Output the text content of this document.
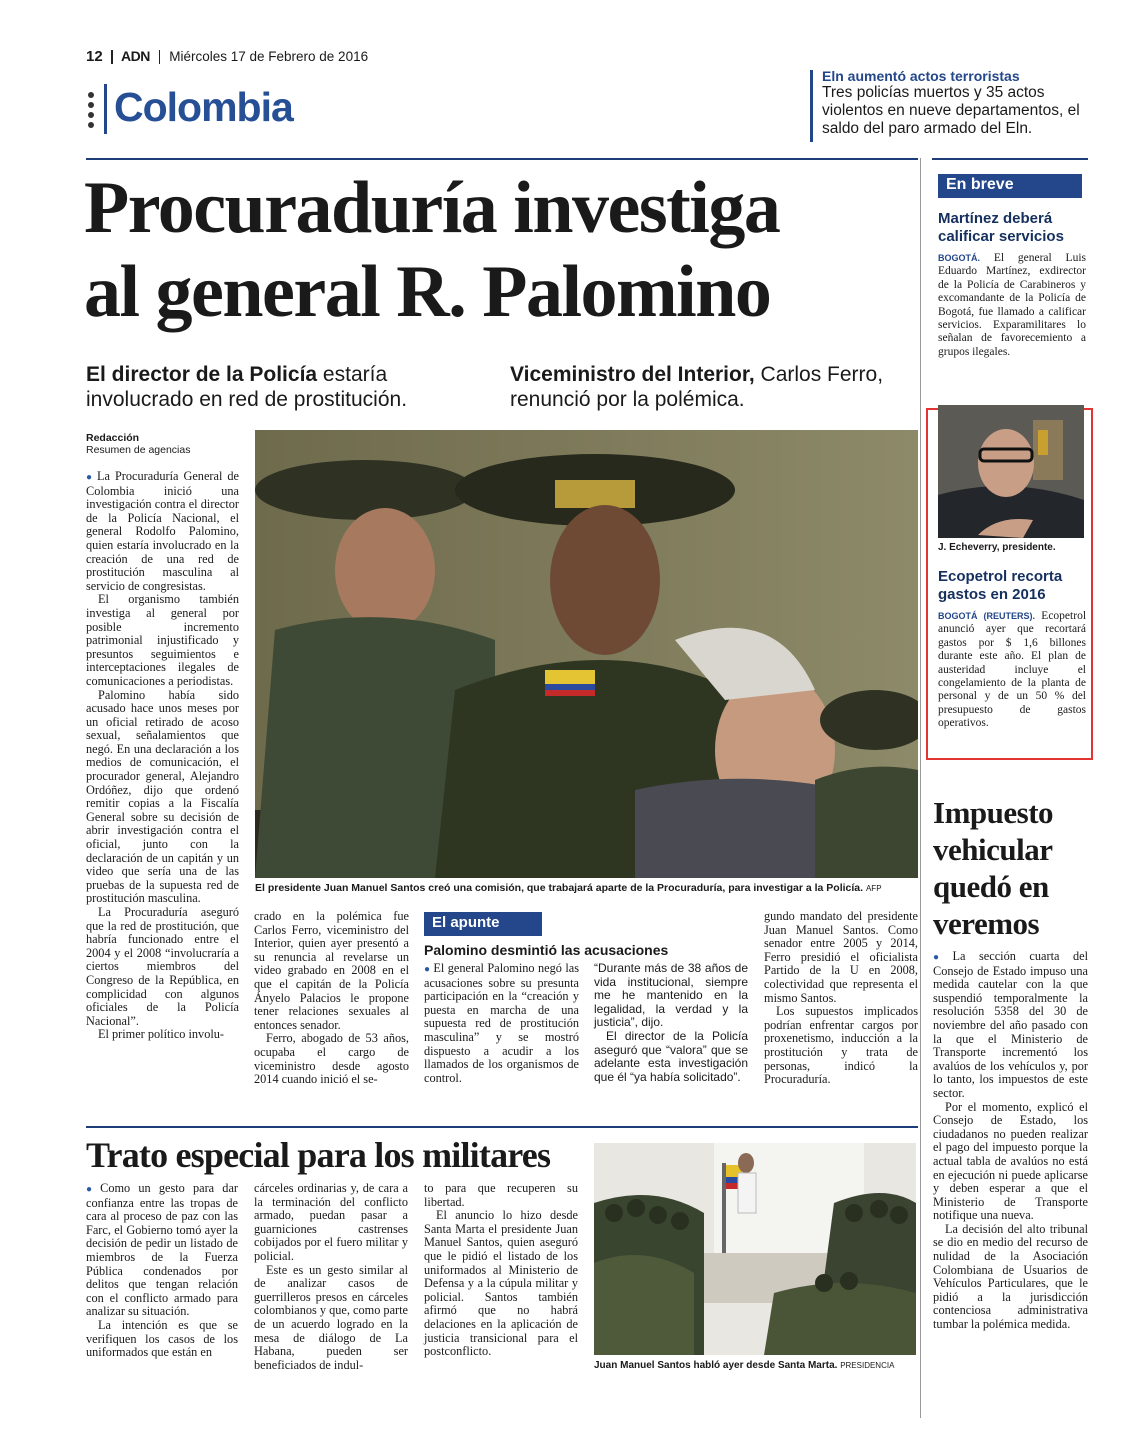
12 ADN Miércoles 17 de Febrero de 2016
Colombia
Eln aumentó actos terroristas
Tres policías muertos y 35 actos violentos en nueve departamentos, el saldo del paro armado del Eln.
Procuraduría investiga
al general R. Palomino
El director de la Policía estaría involucrado en red de prostitución.
Viceministro del Interior, Carlos Ferro, renunció por la polémica.
Redacción
Resumen de agencias

● La Procuraduría General de Colombia inició una investigación contra el director de la Policía Nacional, el general Rodolfo Palomino, quien estaría involucrado en la creación de una red de prostitución masculina al servicio de congresistas.

El organismo también investiga al general por posible incremento patrimonial injustificado y presuntos seguimientos e interceptaciones ilegales de comunicaciones a periodistas.

Palomino había sido acusado hace unos meses por un oficial retirado de acoso sexual, señalamientos que negó. En una declaración a los medios de comunicación, el procurador general, Alejandro Ordóñez, dijo que ordenó remitir copias a la Fiscalía General sobre su decisión de abrir investigación contra el oficial, junto con la declaración de un capitán y un video que sería una de las pruebas de la supuesta red de prostitución masculina.

La Procuraduría aseguró que la red de prostitución, que habría funcionado entre el 2004 y el 2008 “involucraría a ciertos miembros del Congreso de la República, en complicidad con algunos oficiales de la Policía Nacional”.

El primer político involu-

El presidente Juan Manuel Santos creó una comisión, que trabajará aparte de la Procuraduría, para investigar a la Policía. AFP

crado en la polémica fue Carlos Ferro, viceministro del Interior, quien ayer presentó a su renuncia al revelarse un video grabado en 2008 en el que el capitán de la Policía Ányelo Palacios le propone tener relaciones sexuales al entonces senador.

Ferro, abogado de 53 años, ocupaba el cargo de viceministro desde agosto 2014 cuando inició el se-

El apunte
Palomino desmintió las acusaciones

● El general Palomino negó las acusaciones sobre su presunta participación en la “creación y puesta en marcha de una supuesta red de prostitución masculina” y se mostró dispuesto a acudir a los llamados de los organismos de control.

“Durante más de 38 años de vida institucional, siempre me he mantenido en la legalidad, la verdad y la justicia”, dijo.

El director de la Policía aseguró que “valora” que se adelante esta investigación que él “ya había solicitado”.

gundo mandato del presidente Juan Manuel Santos. Como senador entre 2005 y 2014, Ferro presidió el oficialista Partido de la U en 2008, colectividad que representa el mismo Santos.

Los supuestos implicados podrían enfrentar cargos por proxenetismo, inducción a la prostitución y trata de personas, indicó la Procuraduría.

En breve
Martínez deberá calificar servicios
BOGOTÁ. El general Luis Eduardo Martínez, exdirector de la Policía de Carabineros y excomandante de la Policía de Bogotá, fue llamado a calificar servicios. Exparamilitares lo señalan de favorecemiento a grupos ilegales.
J. Echeverry, presidente.
Ecopetrol recorta gastos en 2016
BOGOTÁ (REUTERS). Ecopetrol anunció ayer que recortará gastos por $ 1,6 billones durante este año. El plan de austeridad incluye el congelamiento de la planta de personal y de un 50 % del presupuesto de gastos operativos.
Impuesto vehicular quedó en veremos

● La sección cuarta del Consejo de Estado impuso una medida cautelar con la que suspendió temporalmente la resolución 5358 del 30 de noviembre del año pasado con la que el Ministerio de Transporte incrementó los avalúos de los vehículos y, por lo tanto, los impuestos de este sector.

Por el momento, explicó el Consejo de Estado, los ciudadanos no pueden realizar el pago del impuesto porque la actual tabla de avalúos no está en ejecución ni puede aplicarse y deben esperar a que el Ministerio de Transporte notifique una nueva.

La decisión del alto tribunal se dio en medio del recurso de nulidad de la Asociación Colombiana de Usuarios de Vehículos Particulares, que le pidió a la jurisdicción contenciosa administrativa tumbar la polémica medida.

Trato especial para los militares

● Como un gesto para dar confianza entre las tropas de cara al proceso de paz con las Farc, el Gobierno tomó ayer la decisión de pedir un listado de miembros de la Fuerza Pública condenados por delitos que tengan relación con el conflicto armado para analizar su situación.

La intención es que se verifiquen los casos de los uniformados que están en

cárceles ordinarias y, de cara a la terminación del conflicto armado, puedan pasar a guarniciones castrenses cobijados por el fuero militar y policial.

Este es un gesto similar al de analizar casos de guerrilleros presos en cárceles colombianos y que, como parte de un acuerdo logrado en la mesa de diálogo de La Habana, pueden ser beneficiados de indul-

to para que recuperen su libertad.

El anuncio lo hizo desde Santa Marta el presidente Juan Manuel Santos, quien aseguró que le pidió el listado de los uniformados al Ministerio de Defensa y a la cúpula militar y policial. Santos también afirmó que no habrá delaciones en la aplicación de justicia transicional para el postconflicto.

Juan Manuel Santos habló ayer desde Santa Marta. PRESIDENCIA
